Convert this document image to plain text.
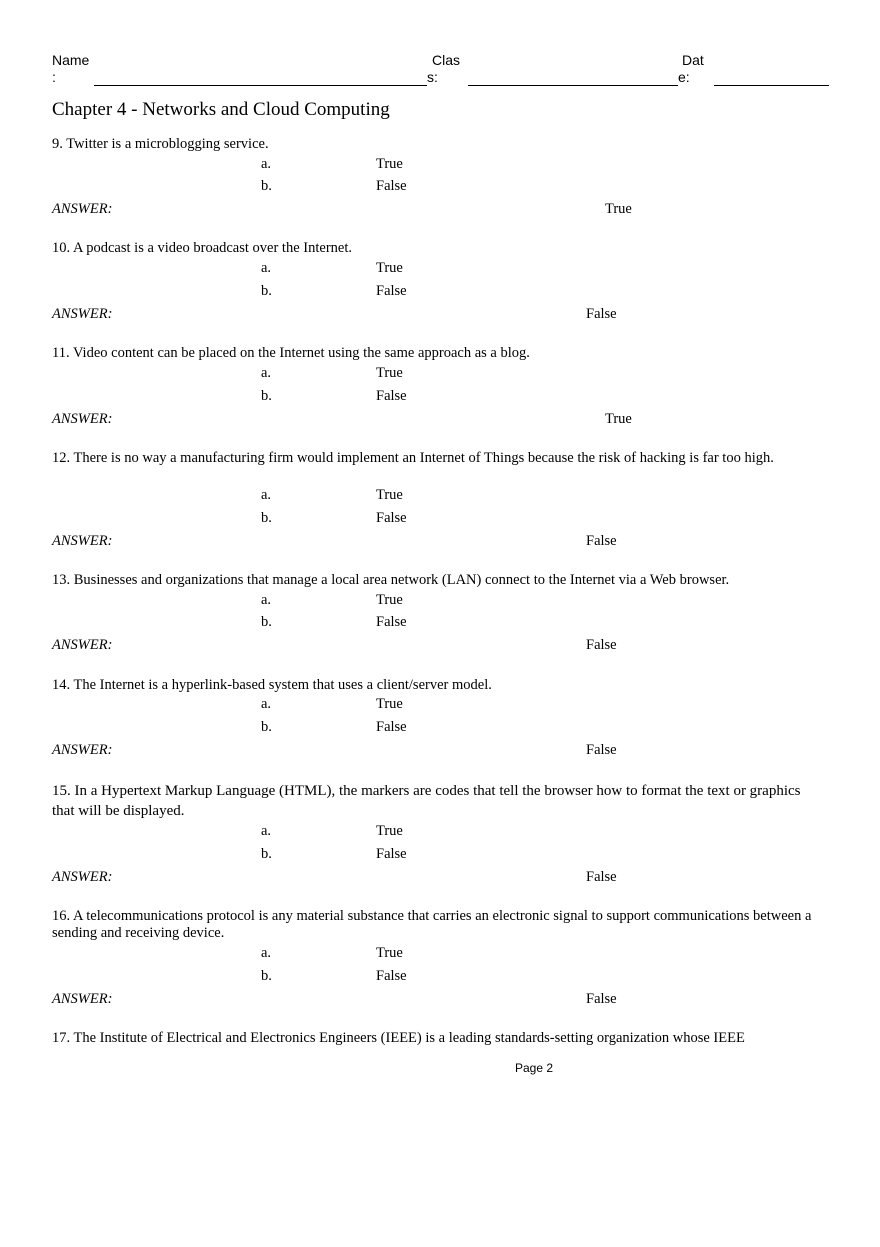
Name
:
Clas
s:
Dat
e:
Chapter 4 - Networks and Cloud Computing
9. Twitter is a microblogging service.
a.	True
b.	False
ANSWER:	True
10. A podcast is a video broadcast over the Internet.
a.	True
b.	False
ANSWER:	False
11. Video content can be placed on the Internet using the same approach as a blog.
a.	True
b.	False
ANSWER:	True
12. There is no way a manufacturing firm would implement an Internet of Things because the risk of hacking is far too high.
a.	True
b.	False
ANSWER:	False
13. Businesses and organizations that manage a local area network (LAN) connect to the Internet via a Web browser.
a.	True
b.	False
ANSWER:	False
14. The Internet is a hyperlink-based system that uses a client/server model.
a.	True
b.	False
ANSWER:	False
15. In a Hypertext Markup Language (HTML), the markers are codes that tell the browser how to format the text or graphics that will be displayed.
a.	True
b.	False
ANSWER:	False
16. A telecommunications protocol is any material substance that carries an electronic signal to support communications between a sending and receiving device.
a.	True
b.	False
ANSWER:	False
17. The Institute of Electrical and Electronics Engineers (IEEE) is a leading standards-setting organization whose IEEE
Page 2
